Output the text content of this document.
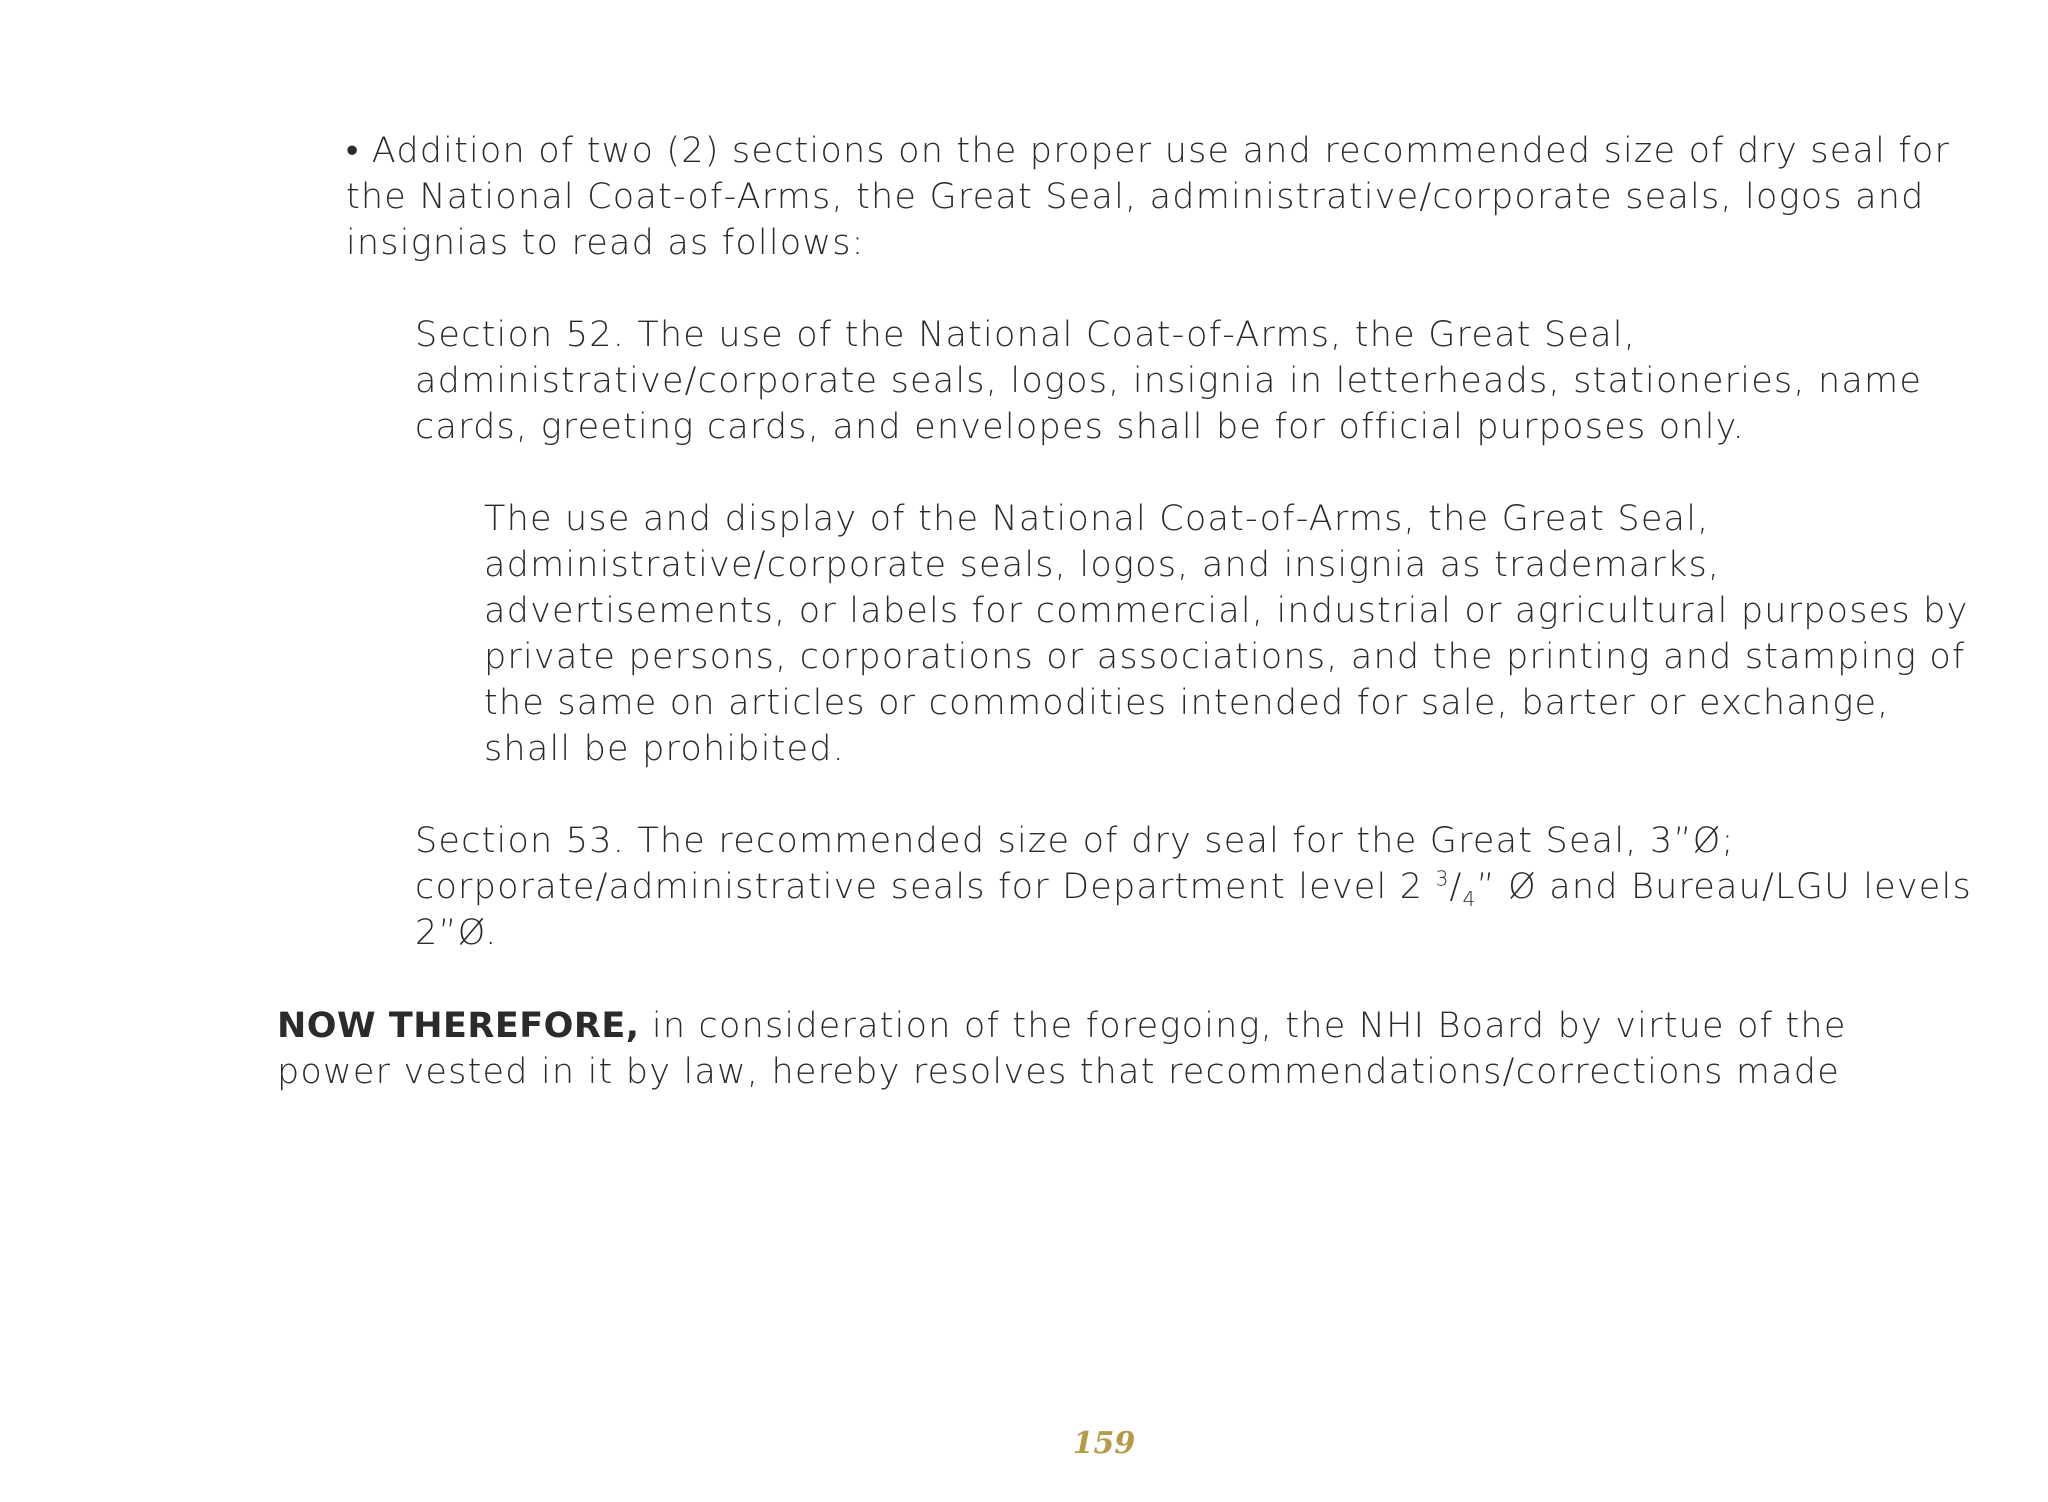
• Addition of two (2) sections on the proper use and recommended size of dry seal for the National Coat-of-Arms, the Great Seal, administrative/corporate seals, logos and insignias to read as follows:

Section 52. The use of the National Coat-of-Arms, the Great Seal, administrative/corporate seals, logos, insignia in letterheads, stationeries, name cards, greeting cards, and envelopes shall be for official purposes only.

The use and display of the National Coat-of-Arms, the Great Seal, administrative/corporate seals, logos, and insignia as trademarks, advertisements, or labels for commercial, industrial or agricultural purposes by private persons, corporations or associations, and the printing and stamping of the same on articles or commodities intended for sale, barter or exchange, shall be prohibited.

Section 53. The recommended size of dry seal for the Great Seal, 3”Ø; corporate/administrative seals for Department level 2 $^3/_4$” Ø and Bureau/LGU levels 2”Ø.

NOW THEREFORE, in consideration of the foregoing, the NHI Board by virtue of the power vested in it by law, hereby resolves that recommendations/corrections made

159
